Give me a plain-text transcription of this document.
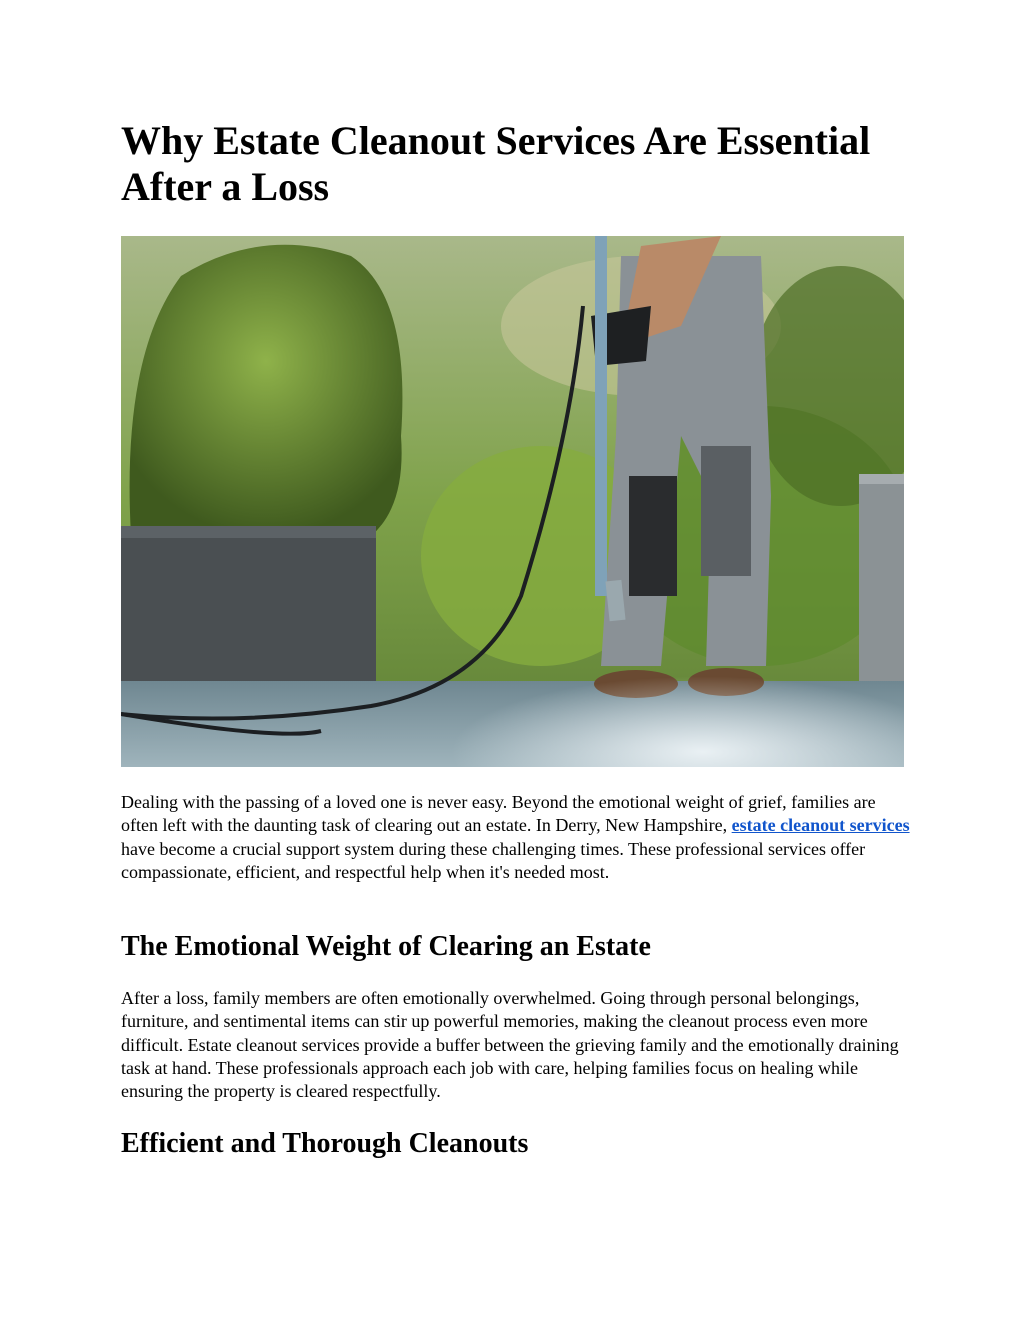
Why Estate Cleanout Services Are Essential After a Loss

Dealing with the passing of a loved one is never easy. Beyond the emotional weight of grief, families are often left with the daunting task of clearing out an estate. In Derry, New Hampshire, estate cleanout services have become a crucial support system during these challenging times. These professional services offer compassionate, efficient, and respectful help when it's needed most.

The Emotional Weight of Clearing an Estate

After a loss, family members are often emotionally overwhelmed. Going through personal belongings, furniture, and sentimental items can stir up powerful memories, making the cleanout process even more difficult. Estate cleanout services provide a buffer between the grieving family and the emotionally draining task at hand. These professionals approach each job with care, helping families focus on healing while ensuring the property is cleared respectfully.

Efficient and Thorough Cleanouts
